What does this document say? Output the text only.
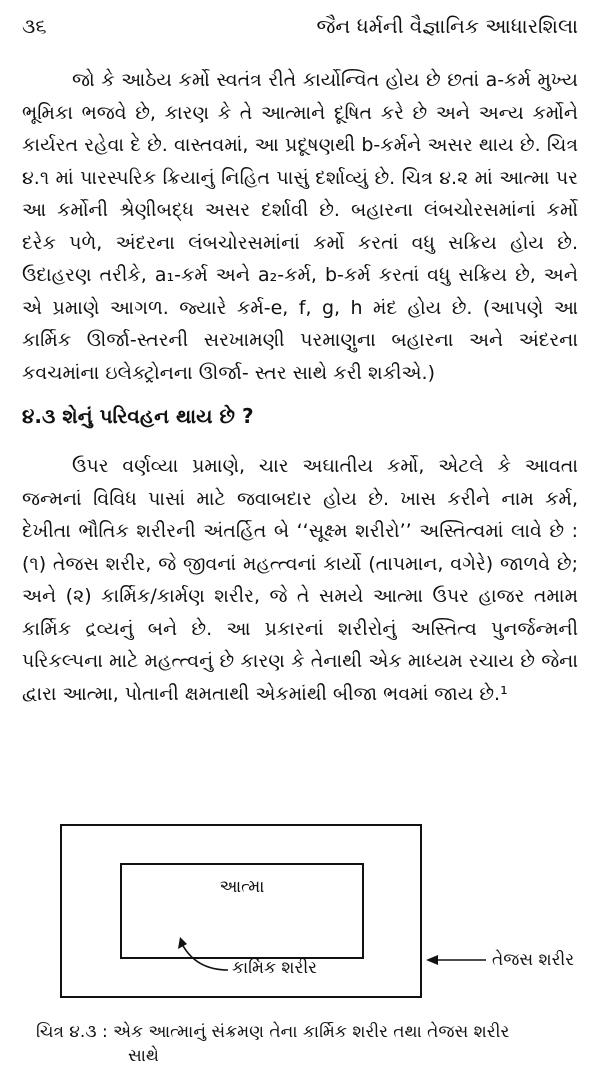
૩૬	જૈન ધર્મની વૈજ્ઞાનિક આધારશિલા

જો કે આઠેય કર્મો સ્વતંત્ર રીતે કાર્યોન્વિત હોય છે છતાં a-કર્મ મુખ્ય ભૂમિકા ભજવે છે, કારણ કે તે આત્માને દૂષિત કરે છે અને અન્ય કર્મોને કાર્યરત રહેવા દે છે. વાસ્તવમાં, આ પ્રદૂષણથી b-કર્મને અસર થાય છે. ચિત્ર ૪.૧ માં પારસ્પરિક ક્રિયાનું નિહિત પાસું દર્શાવ્યું છે. ચિત્ર ૪.૨ માં આત્મા પર આ કર્મોની શ્રેણીબદ્ધ અસર દર્શાવી છે. બહારના લંબચોરસમાંનાં કર્મો દરેક પળે, અંદરના લંબચોરસમાંનાં કર્મો કરતાં વધુ સક્રિય હોય છે. ઉદાહરણ તરીકે, a₁-કર્મ અને a₂-કર્મ, b-કર્મ કરતાં વધુ સક્રિય છે, અને એ પ્રમાણે આગળ. જ્યારે કર્મ-e, f, g, h મંદ હોય છે. (આપણે આ કાર્મિક ઊર્જા-સ્તરની સરખામણી પરમાણુના બહારના અને અંદરના કવચમાંના ઇલેક્ટ્રોનના ઊર્જા- સ્તર સાથે કરી શકીએ.)

૪.૩ શેનું પરિવહન થાય છે ?

ઉપર વર્ણવ્યા પ્રમાણે, ચાર અઘાતીય કર્મો, એટલે કે આવતા જન્મનાં વિવિધ પાસાં માટે જવાબદાર હોય છે. ખાસ કરીને નામ કર્મ, દેખીતા ભૌતિક શરીરની અંતર્હિત બે ‘‘સૂક્ષ્મ શરીરો’’ અસ્તિત્વમાં લાવે છે : (૧) તેજસ શરીર, જે જીવનાં મહત્ત્વનાં કાર્યો (તાપમાન, વગેરે) જાળવે છે; અને (૨) કાર્મિક/કાર્મણ શરીર, જે તે સમયે આત્મા ઉપર હાજર તમામ કાર્મિક દ્રવ્યનું બને છે. આ પ્રકારનાં શરીરોનું અસ્તિત્વ પુનર્જન્મની પરિકલ્પના માટે મહત્ત્વનું છે કારણ કે તેનાથી એક માધ્યમ રચાય છે જેના દ્વારા આત્મા, પોતાની ક્ષમતાથી એકમાંથી બીજા ભવમાં જાય છે.¹

આત્મા
કાર્મિક શરીર	તેજસ શરીર
ચિત્ર ૪.૩ : એક આત્માનું સંક્રમણ તેના કાર્મિક શરીર તથા તેજસ શરીર
સાથે
